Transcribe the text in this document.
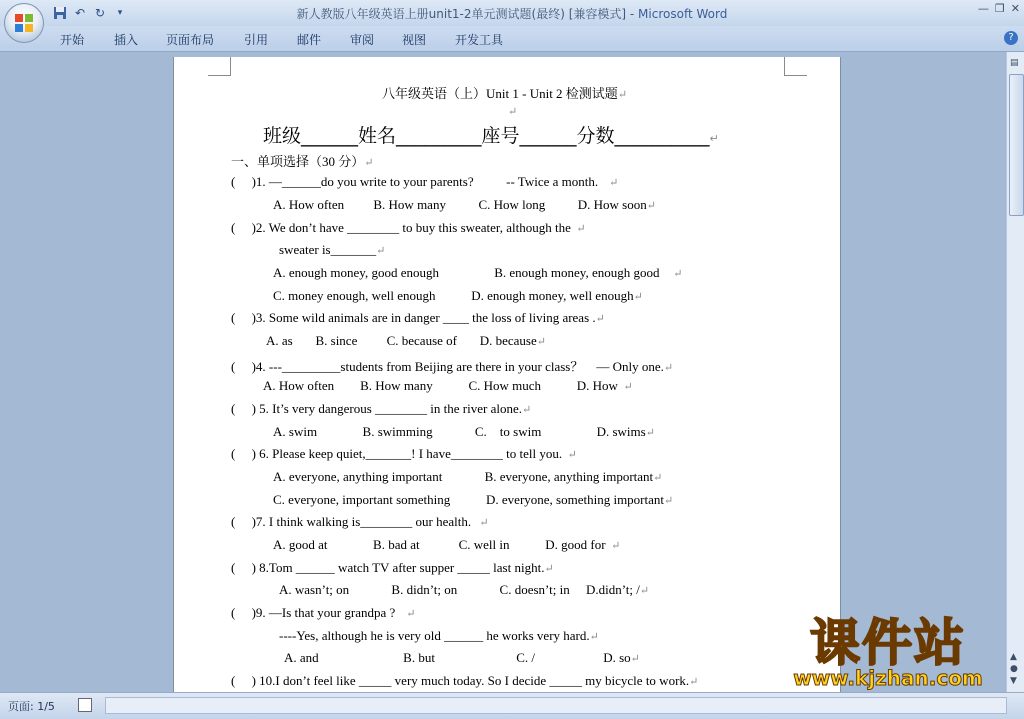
↶ ↻	▾	新人教版八年级英语上册unit1-2单元测试题(最终) [兼容模式] - Microsoft Word	— ❐ ✕
开始 插入 页面布局 引用 邮件 审阅 视图 开发工具	?
八年级英语（上）Unit 1 - Unit 2 检测试题↵
↵
班级______姓名_________座号______分数__________↵
一、单项选择（30 分）↵
(     )1. —______do you write to your parents?          -- Twice a month.    ↵
A. How often         B. How many          C. How long          D. How soon↵
(     )2. We don’t have ________ to buy this sweater, although the  ↵
sweater is_______↵
A. enough money, good enough                 B. enough money, enough good     ↵
C. money enough, well enough           D. enough money, well enough↵
(     )3. Some wild animals are in danger ____ the loss of living areas .↵
A. as       B. since         C. because of       D. because↵
(     )4. ---_________students from Beijing are there in your class？    — Only one.↵
A. How often        B. How many           C. How much           D. How  ↵
(     ) 5. It’s very dangerous ________ in the river alone.↵
A. swim              B. swimming             C.    to swim                 D. swims↵
(     ) 6. Please keep quiet,_______! I have________ to tell you.  ↵
A. everyone, anything important             B. everyone, anything important↵
C. everyone, important something           D. everyone, something important↵
(     )7. I think walking is________ our health.   ↵
A. good at              B. bad at            C. well in           D. good for  ↵
(     ) 8.Tom ______ watch TV after supper _____ last night.↵
A. wasn’t; on             B. didn’t; on             C. doesn’t; in     D.didn’t; /↵
(     )9. —Is that your grandpa ?    ↵
----Yes, although he is very old ______ he works very hard.↵
A. and                          B. but                         C. /                     D. so↵
(     ) 10.I don’t feel like _____ very much today. So I decide _____ my bicycle to work.↵
▤
▲
●
▼
页面: 1/5
课件站
www.kjzhan.com
